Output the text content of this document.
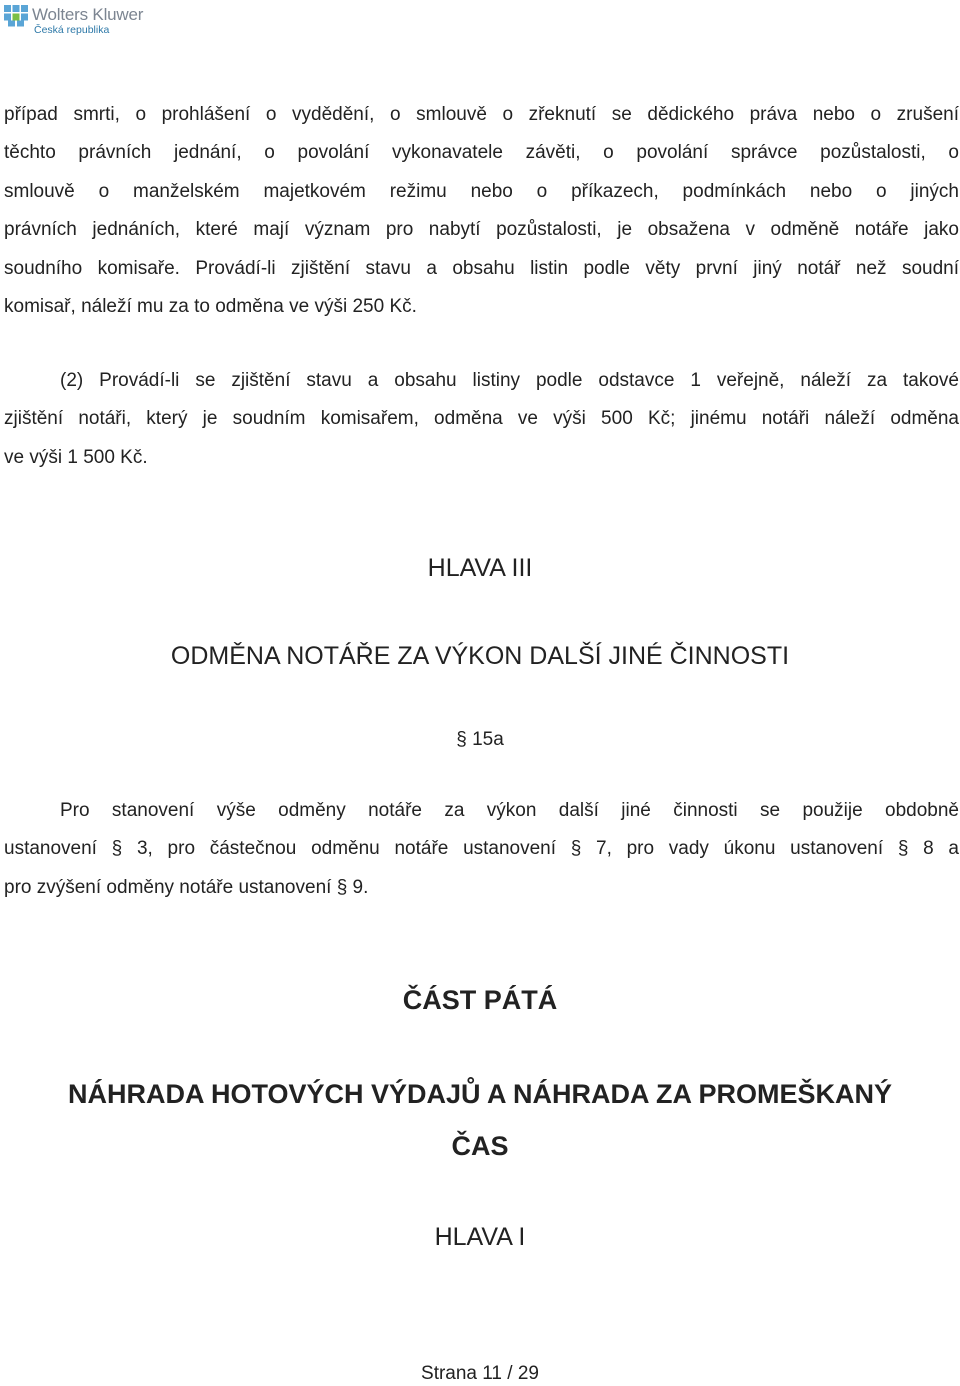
Wolters Kluwer
Česká republika
případ smrti, o prohlášení o vydědění, o smlouvě o zřeknutí se dědického práva nebo o zrušení
těchto právních jednání, o povolání vykonavatele závěti, o povolání správce pozůstalosti, o
smlouvě o manželském majetkovém režimu nebo o příkazech, podmínkách nebo o jiných
právních jednáních, které mají význam pro nabytí pozůstalosti, je obsažena v odměně notáře jako
soudního komisaře. Provádí-li zjištění stavu a obsahu listin podle věty první jiný notář než soudní
komisař, náleží mu za to odměna ve výši 250 Kč.
(2) Provádí-li se zjištění stavu a obsahu listiny podle odstavce 1 veřejně, náleží za takové
zjištění notáři, který je soudním komisařem, odměna ve výši 500 Kč; jinému notáři náleží odměna
ve výši 1 500 Kč.
HLAVA III
ODMĚNA NOTÁŘE ZA VÝKON DALŠÍ JINÉ ČINNOSTI
§ 15a
Pro stanovení výše odměny notáře za výkon další jiné činnosti se použije obdobně
ustanovení § 3, pro částečnou odměnu notáře ustanovení § 7, pro vady úkonu ustanovení § 8 a
pro zvýšení odměny notáře ustanovení § 9.
ČÁST PÁTÁ
NÁHRADA HOTOVÝCH VÝDAJŮ A NÁHRADA ZA PROMEŠKANÝ
ČAS
HLAVA I
Strana 11 / 29
